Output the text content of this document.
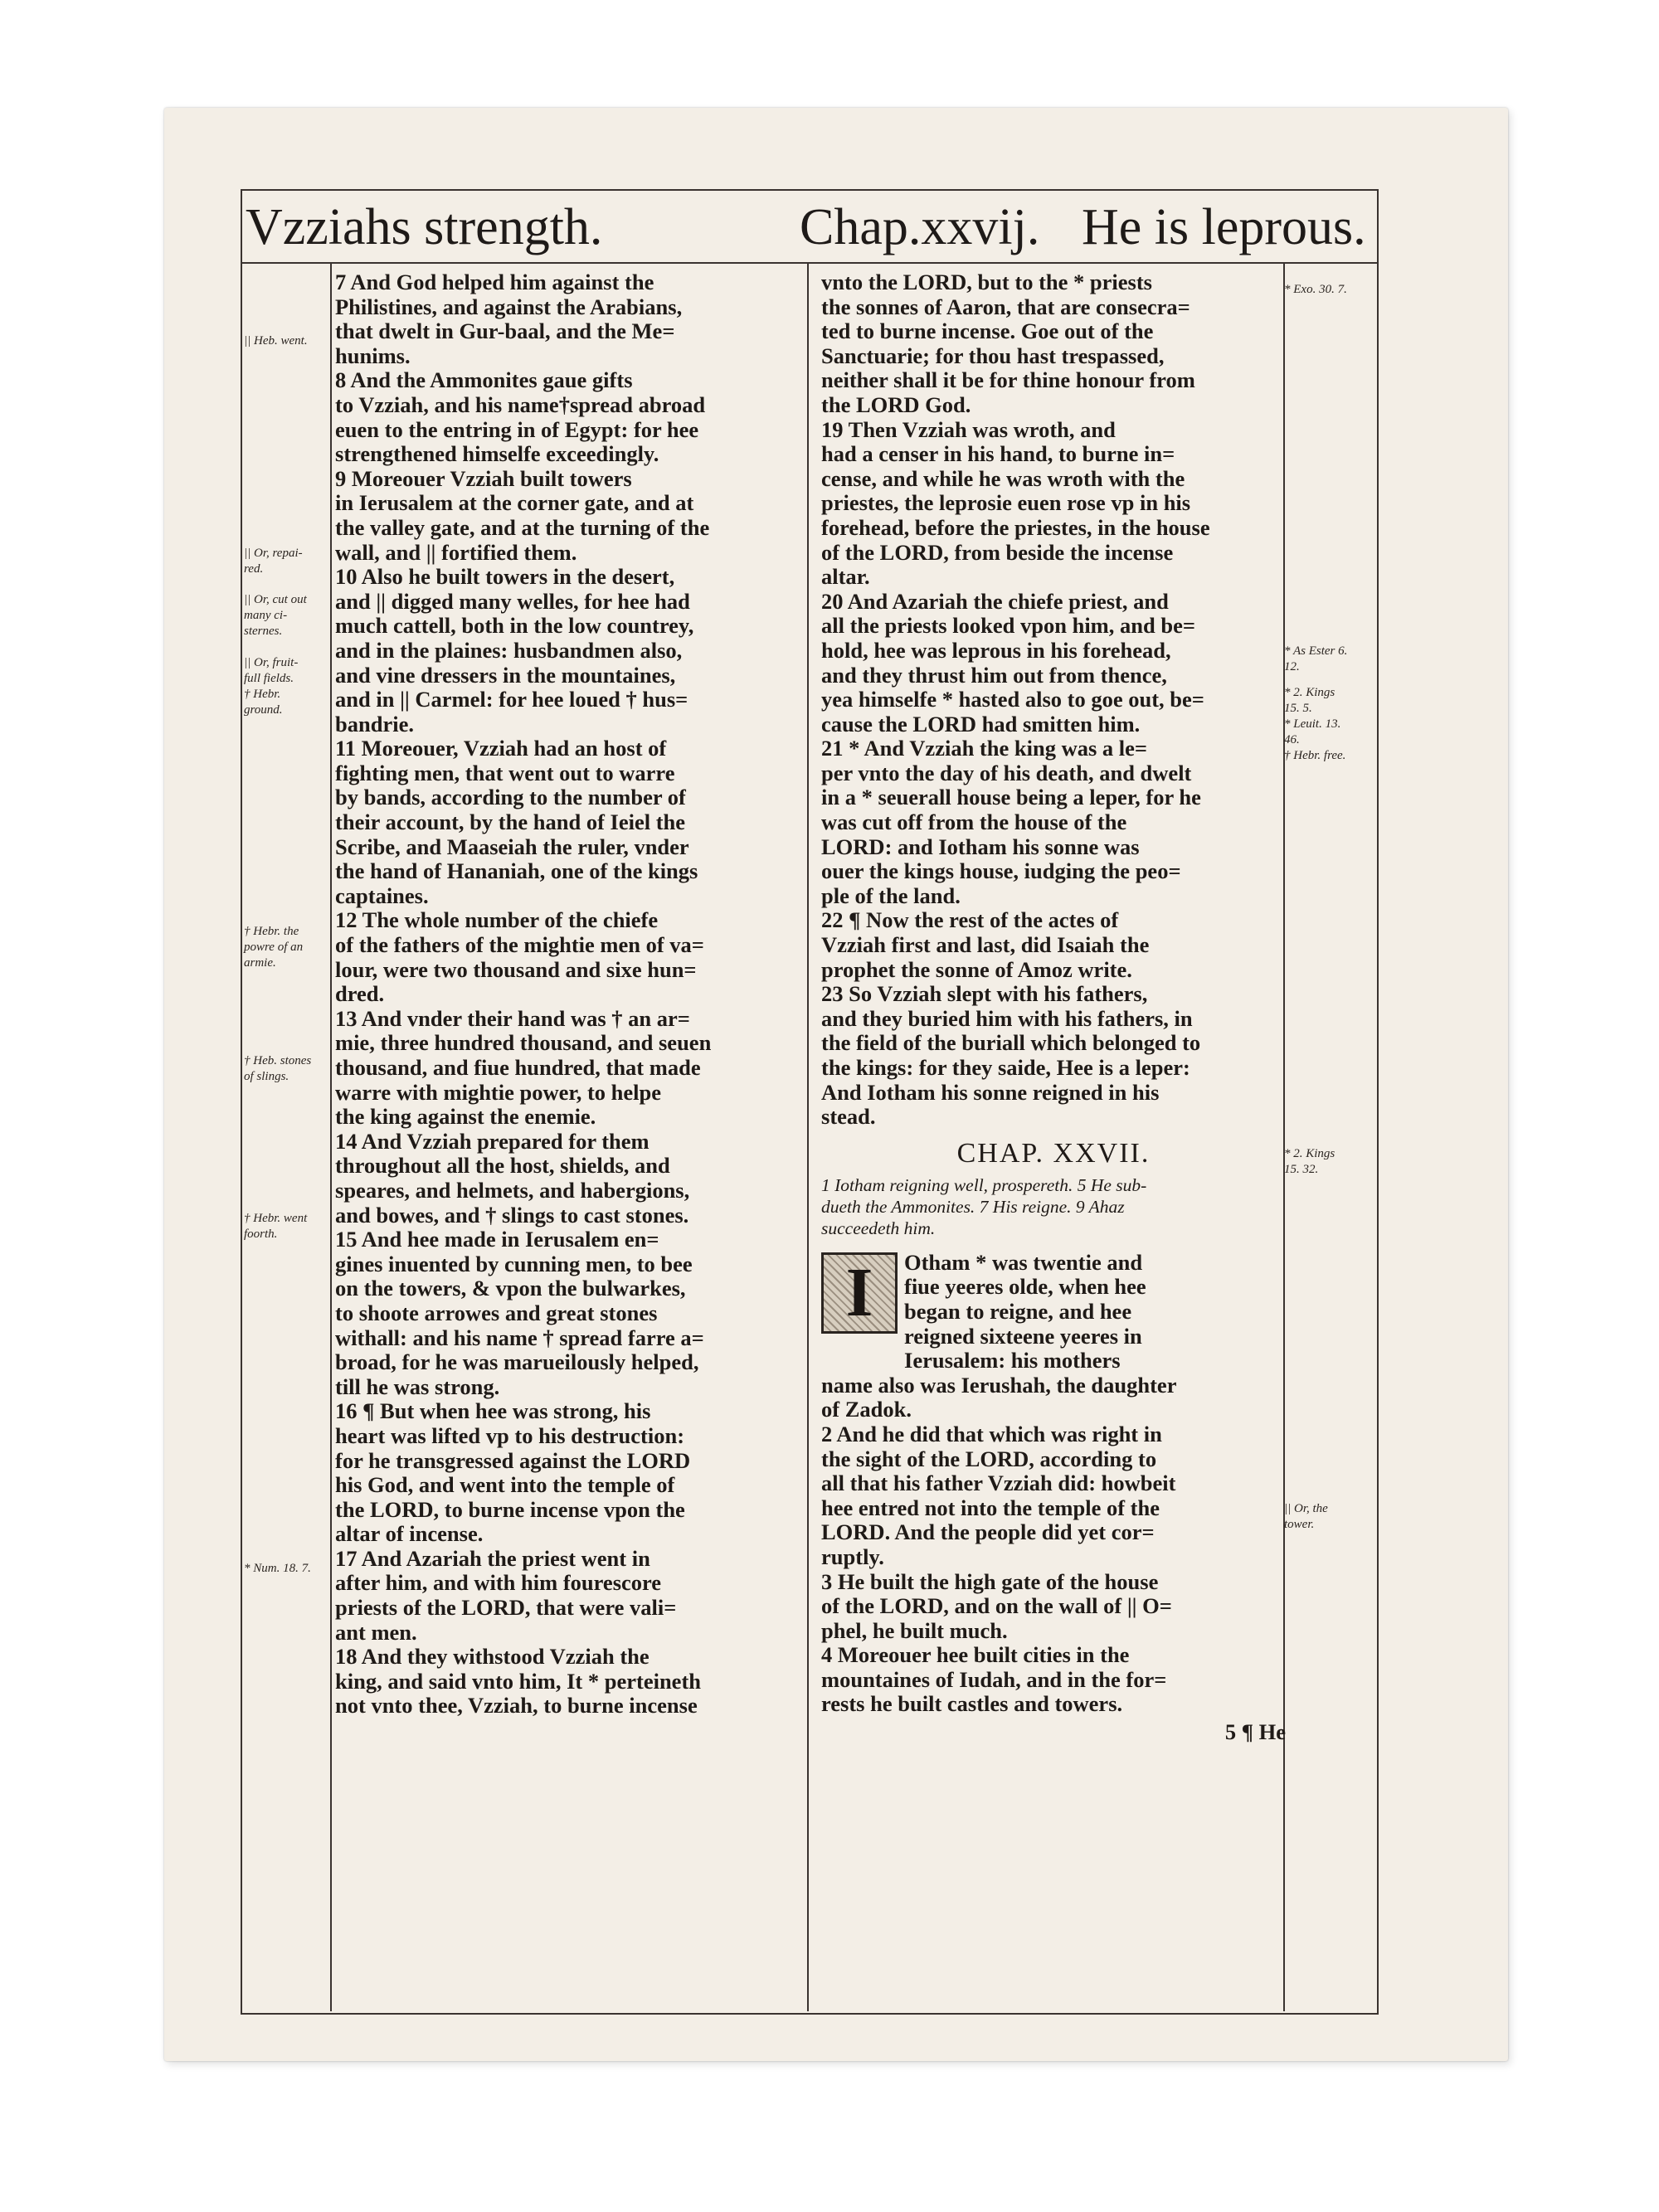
Vzziahs strength.	Chap.xxvij. He is leprous.
7 And God helped him against the
Philistines, and against the Arabians,
that dwelt in Gur-baal, and the Me=
hunims.
8 And the Ammonites gaue gifts
to Vzziah, and his name†spread abroad
euen to the entring in of Egypt: for hee
strengthened himselfe exceedingly.
9 Moreouer Vzziah built towers
in Ierusalem at the corner gate, and at
the valley gate, and at the turning of the
wall, and || fortified them.
10 Also he built towers in the desert,
and || digged many welles, for hee had
much cattell, both in the low countrey,
and in the plaines: husbandmen also,
and vine dressers in the mountaines,
and in || Carmel: for hee loued † hus=
bandrie.
11 Moreouer, Vzziah had an host of
fighting men, that went out to warre
by bands, according to the number of
their account, by the hand of Ieiel the
Scribe, and Maaseiah the ruler, vnder
the hand of Hananiah, one of the kings
captaines.
12 The whole number of the chiefe
of the fathers of the mightie men of va=
lour, were two thousand and sixe hun=
dred.
13 And vnder their hand was † an ar=
mie, three hundred thousand, and seuen
thousand, and fiue hundred, that made
warre with mightie power, to helpe
the king against the enemie.
14 And Vzziah prepared for them
throughout all the host, shields, and
speares, and helmets, and habergions,
and bowes, and † slings to cast stones.
15 And hee made in Ierusalem en=
gines inuented by cunning men, to bee
on the towers, & vpon the bulwarkes,
to shoote arrowes and great stones
withall: and his name † spread farre a=
broad, for he was marueilously helped,
till he was strong.
16 ¶ But when hee was strong, his
heart was lifted vp to his destruction:
for he transgressed against the LORD
his God, and went into the temple of
the LORD, to burne incense vpon the
altar of incense.
17 And Azariah the priest went in
after him, and with him fourescore
priests of the LORD, that were vali=
ant men.
18 And they withstood Vzziah the
king, and said vnto him, It * perteineth
not vnto thee, Vzziah, to burne incense
vnto the LORD, but to the * priests
the sonnes of Aaron, that are consecra=
ted to burne incense. Goe out of the
Sanctuarie; for thou hast trespassed,
neither shall it be for thine honour from
the LORD God.
19 Then Vzziah was wroth, and
had a censer in his hand, to burne in=
cense, and while he was wroth with the
priestes, the leprosie euen rose vp in his
forehead, before the priestes, in the house
of the LORD, from beside the incense
altar.
20 And Azariah the chiefe priest, and
all the priests looked vpon him, and be=
hold, hee was leprous in his forehead,
and they thrust him out from thence,
yea himselfe * hasted also to goe out, be=
cause the LORD had smitten him.
21 * And Vzziah the king was a le=
per vnto the day of his death, and dwelt
in a * seuerall house being a leper, for he
was cut off from the house of the
LORD: and Iotham his sonne was
ouer the kings house, iudging the peo=
ple of the land.
22 ¶ Now the rest of the actes of
Vzziah first and last, did Isaiah the
prophet the sonne of Amoz write.
23 So Vzziah slept with his fathers,
and they buried him with his fathers, in
the field of the buriall which belonged to
the kings: for they saide, Hee is a leper:
And Iotham his sonne reigned in his
stead.
CHAP. XXVII.
1 Iotham reigning well, prospereth. 5 He sub-
dueth the Ammonites. 7 His reigne. 9 Ahaz
succeedeth him.
I	Otham * was twentie and
fiue yeeres olde, when hee
began to reigne, and hee
reigned sixteene yeeres in
Ierusalem: his mothers
name also was Ierushah, the daughter
of Zadok.
2 And he did that which was right in
the sight of the LORD, according to
all that his father Vzziah did: howbeit
hee entred not into the temple of the
LORD. And the people did yet cor=
ruptly.
3 He built the high gate of the house
of the LORD, and on the wall of || O=
phel, he built much.
4 Moreouer hee built cities in the
mountaines of Iudah, and in the for=
rests he built castles and towers.
5 ¶ He
|| Heb. went.
|| Or, repai-
red.
|| Or, cut out
many ci-
sternes.
|| Or, fruit-
full fields.
† Hebr.
ground.
† Hebr. the
powre of an
armie.
† Heb. stones
of slings.
† Hebr. went
foorth.
* Num. 18. 7.
* Exo. 30. 7.
* As Ester 6.
12.
* 2. Kings
15. 5.
* Leuit. 13.
46.
† Hebr. free.
* 2. Kings
15. 32.
|| Or, the
tower.
